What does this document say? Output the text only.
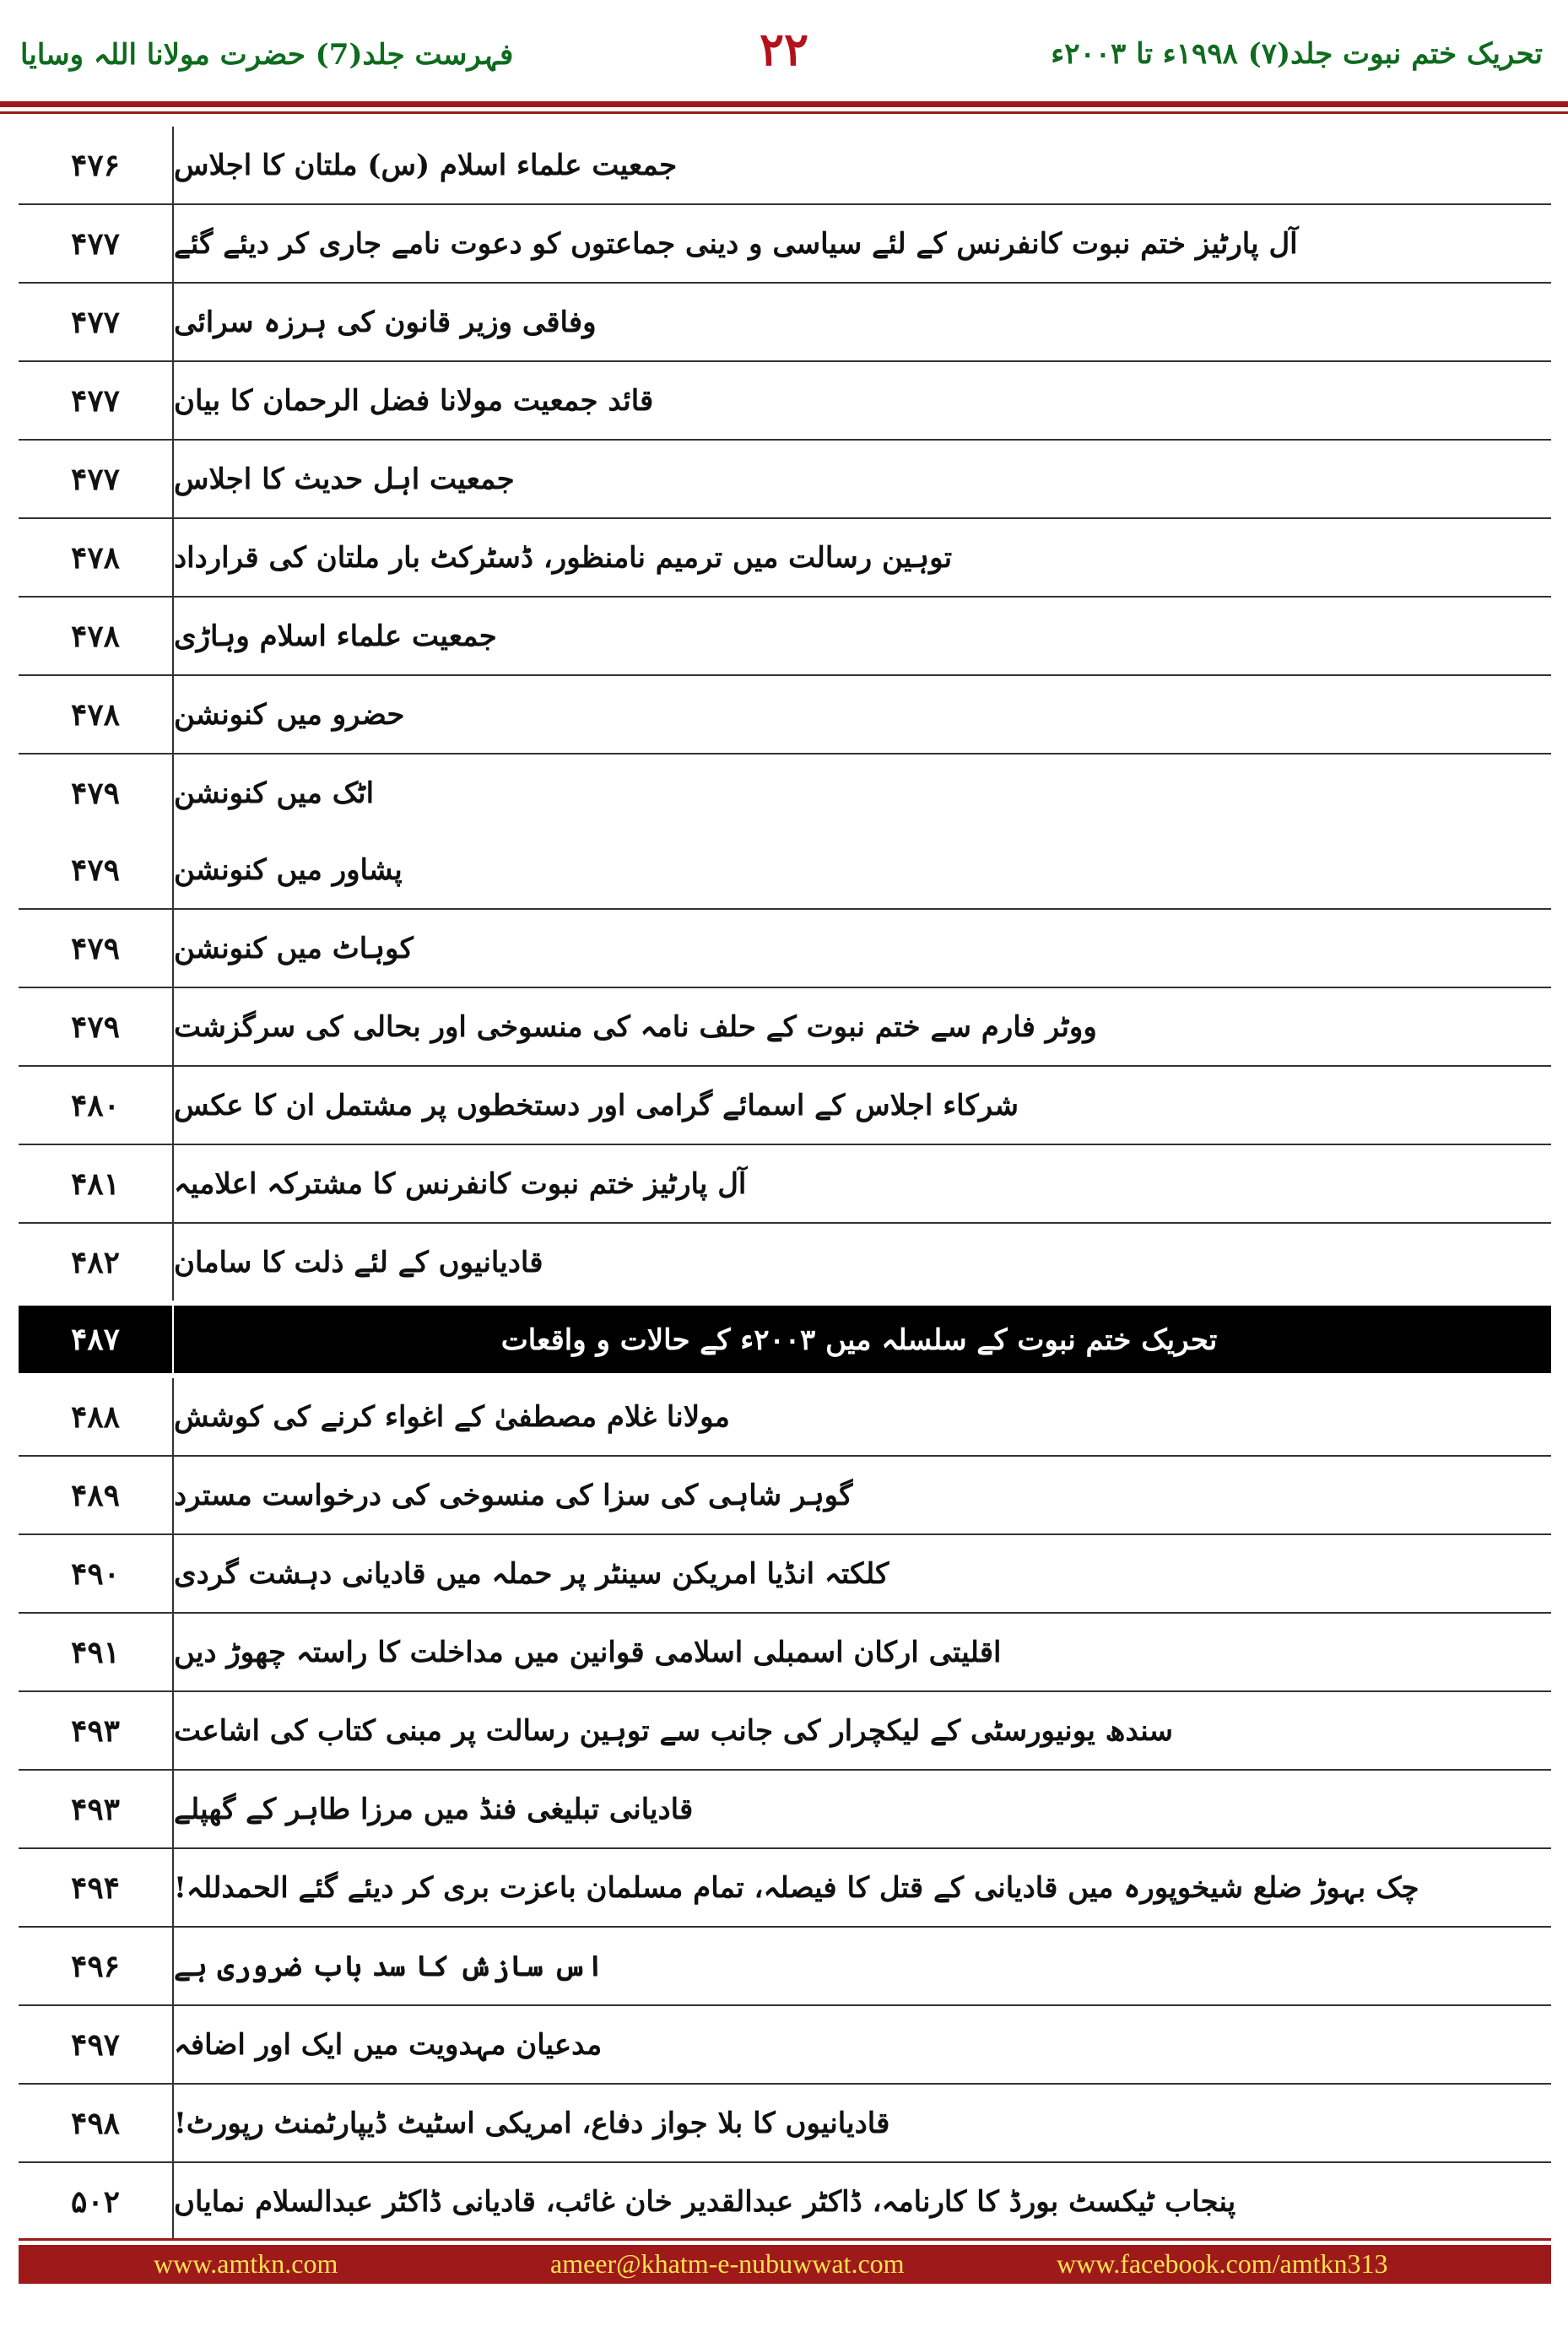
فہرست جلد(7) حضرت مولانا اللہ وسایا	۲۲	تحریک ختم نبوت جلد(۷) ۱۹۹۸ء تا ۲۰۰۳ء
۴۷۶	جمعیت علماء اسلام (س) ملتان کا اجلاس
۴۷۷	آل پارٹیز ختم نبوت کانفرنس کے لئے سیاسی و دینی جماعتوں کو دعوت نامے جاری کر دیئے گئے
۴۷۷	وفاقی وزیر قانون کی ہرزہ سرائی
۴۷۷	قائد جمعیت مولانا فضل الرحمان کا بیان
۴۷۷	جمعیت اہل حدیث کا اجلاس
۴۷۸	توہین رسالت میں ترمیم نامنظور، ڈسٹرکٹ بار ملتان کی قرارداد
۴۷۸	جمعیت علماء اسلام وہاڑی
۴۷۸	حضرو میں کنونشن
۴۷۹	اٹک میں کنونشن
۴۷۹	پشاور میں کنونشن
۴۷۹	کوہاٹ میں کنونشن
۴۷۹	ووٹر فارم سے ختم نبوت کے حلف نامہ کی منسوخی اور بحالی کی سرگزشت
۴۸۰	شرکاء اجلاس کے اسمائے گرامی اور دستخطوں پر مشتمل ان کا عکس
۴۸۱	آل پارٹیز ختم نبوت کانفرنس کا مشترکہ اعلامیہ
۴۸۲	قادیانیوں کے لئے ذلت کا سامان
۴۸۷	تحریک ختم نبوت کے سلسلہ میں ۲۰۰۳ء کے حالات و واقعات
۴۸۸	مولانا غلام مصطفیٰ کے اغواء کرنے کی کوشش
۴۸۹	گوہر شاہی کی سزا کی منسوخی کی درخواست مسترد
۴۹۰	کلکتہ انڈیا امریکن سینٹر پر حملہ میں قادیانی دہشت گردی
۴۹۱	اقلیتی ارکان اسمبلی اسلامی قوانین میں مداخلت کا راستہ چھوڑ دیں
۴۹۳	سندھ یونیورسٹی کے لیکچرار کی جانب سے توہین رسالت پر مبنی کتاب کی اشاعت
۴۹۳	قادیانی تبلیغی فنڈ میں مرزا طاہر کے گھپلے
۴۹۴	چک بہوڑ ضلع شیخوپورہ میں قادیانی کے قتل کا فیصلہ، تمام مسلمان باعزت بری کر دیئے گئے الحمدللہ!
۴۹۶	اس سازش کا سد باب ضروری ہے
۴۹۷	مدعیان مہدویت میں ایک اور اضافہ
۴۹۸	قادیانیوں کا بلا جواز دفاع، امریکی اسٹیٹ ڈیپارٹمنٹ رپورٹ!
۵۰۲	پنجاب ٹیکسٹ بورڈ کا کارنامہ، ڈاکٹر عبدالقدیر خان غائب، قادیانی ڈاکٹر عبدالسلام نمایاں
www.amtkn.com	ameer@khatm-e-nubuwwat.com	www.facebook.com/amtkn313
